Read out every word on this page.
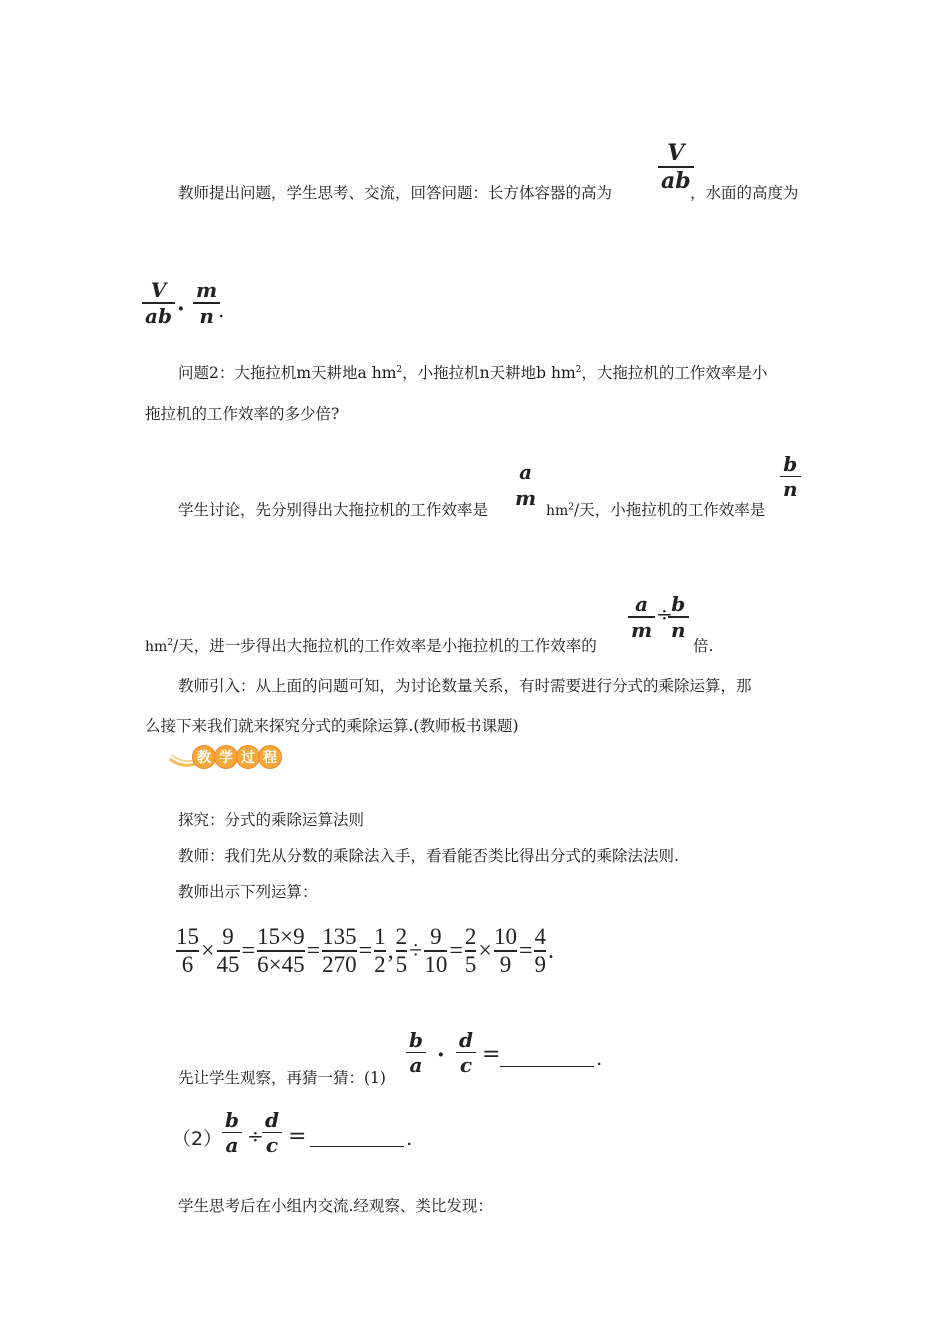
教师提出问题，学生思考、交流，回答问题：长方体容器的高为
V
ab ，水面的高度为
V
ab ·
m
n .
问题2：大拖拉机m天耕地a $hm^2$，小拖拉机n天耕地b $hm^2$，大拖拉机的工作效率是小
拖拉机的工作效率的多少倍?
学生讨论，先分别得出大拖拉机的工作效率是
a
m
$hm^2/$天，小拖拉机的工作效率是
b
n
$hm^2/$天，进一步得出大拖拉机的工作效率是小拖拉机的工作效率的
a
m
÷
b
n
倍.
教师引入：从上面的问题可知，为讨论数量关系，有时需要进行分式的乘除运算，那
么接下来我们就来探究分式的乘除运算.(教师板书课题)
教 学 过 程
探究：分式的乘除运算法则
教师：我们先从分数的乘除法入手，看看能否类比得出分式的乘除法法则.
教师出示下列运算：
15
6
×
9
45
=
15×9
6×45
=
135
270
=
1
2
,
2
5
÷
9
10
=
2
5
×
10
9
=
4
9
.
先让学生观察，再猜一猜：(1)
b
a ·
d
c =	.
（2）
b
a ÷
d
c =	.
学生思考后在小组内交流.经观察、类比发现：
